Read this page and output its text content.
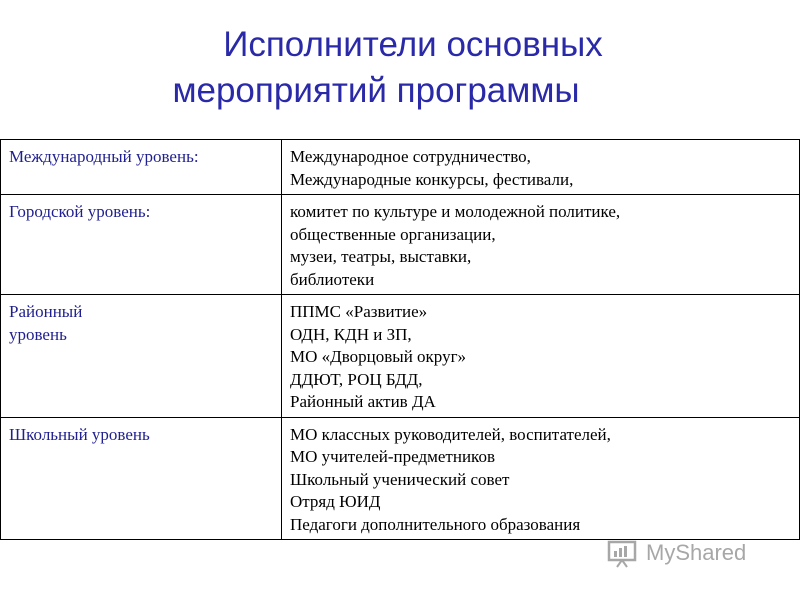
Исполнители основных
мероприятий программы
Международный уровень:	Международное сотрудничество,
Международные конкурсы, фестивали,

Городской уровень:	комитет по культуре и молодежной политике,
общественные организации,
музеи, театры, выставки,
библиотеки

Районный
уровень	ППМС «Развитие»
ОДН, КДН и ЗП,
МО «Дворцовый округ»
ДДЮТ, РОЦ БДД,
Районный актив ДА

Школьный уровень	МО классных руководителей, воспитателей,
МО учителей-предметников
Школьный ученический совет
Отряд ЮИД
Педагоги дополнительного образования
MyShared
